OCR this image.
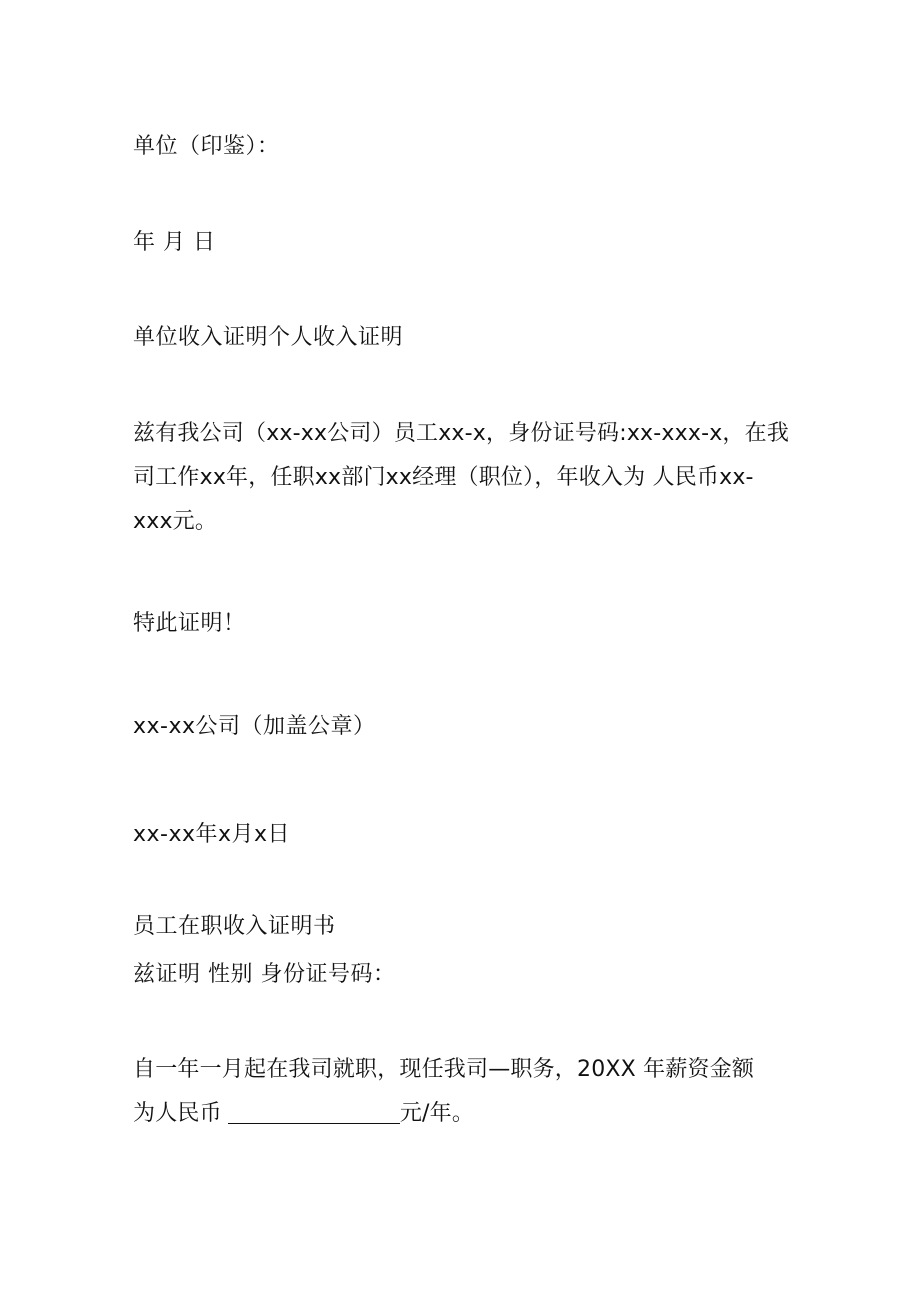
单位（印鉴）：
年 月 日
单位收入证明个人收入证明
兹有我公司（xx-xx公司）员工xx-x，身份证号码:xx-xxx-x，在我
司工作xx年，任职xx部门xx经理（职位），年收入为 人民币xx-
xxx元。
特此证明！
xx-xx公司（加盖公章）
xx-xx年x月x日
员工在职收入证明书
兹证明 性别 身份证号码：
自一年一月起在我司就职，现任我司—职务，20XX 年薪资金额
为人民币	元/年。
